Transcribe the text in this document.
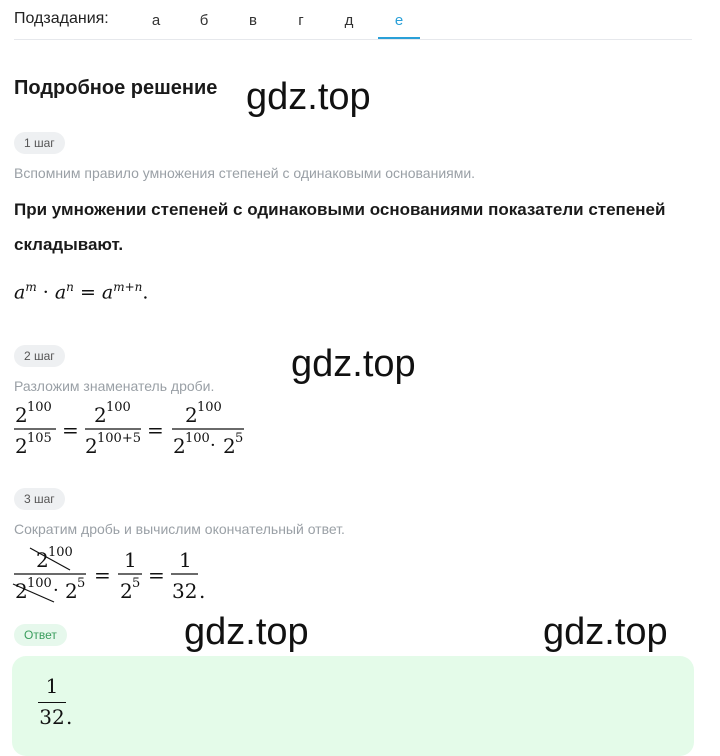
Подзадания:	а	б	в	г	д	е
Подробное решение
1 шаг
Вспомним правило умножения степеней с одинаковыми основаниями.
При умножении степеней с одинаковыми основаниями показатели степеней
складывают.
$a^m \cdot a^n = a^{m+n}$.
2 шаг
Разложим знаменатель дроби.
2 100
2 105 =
2 100
2 100+5 =
2 100
2 100 · 2 5
3 шаг
Сократим дробь и вычислим окончательный ответ.
2 100
2 100 · 2 5 =
1
2 5 =
1
32 .
Ответ
1
32 .
gdz.top
gdz.top
gdz.top	gdz.top
